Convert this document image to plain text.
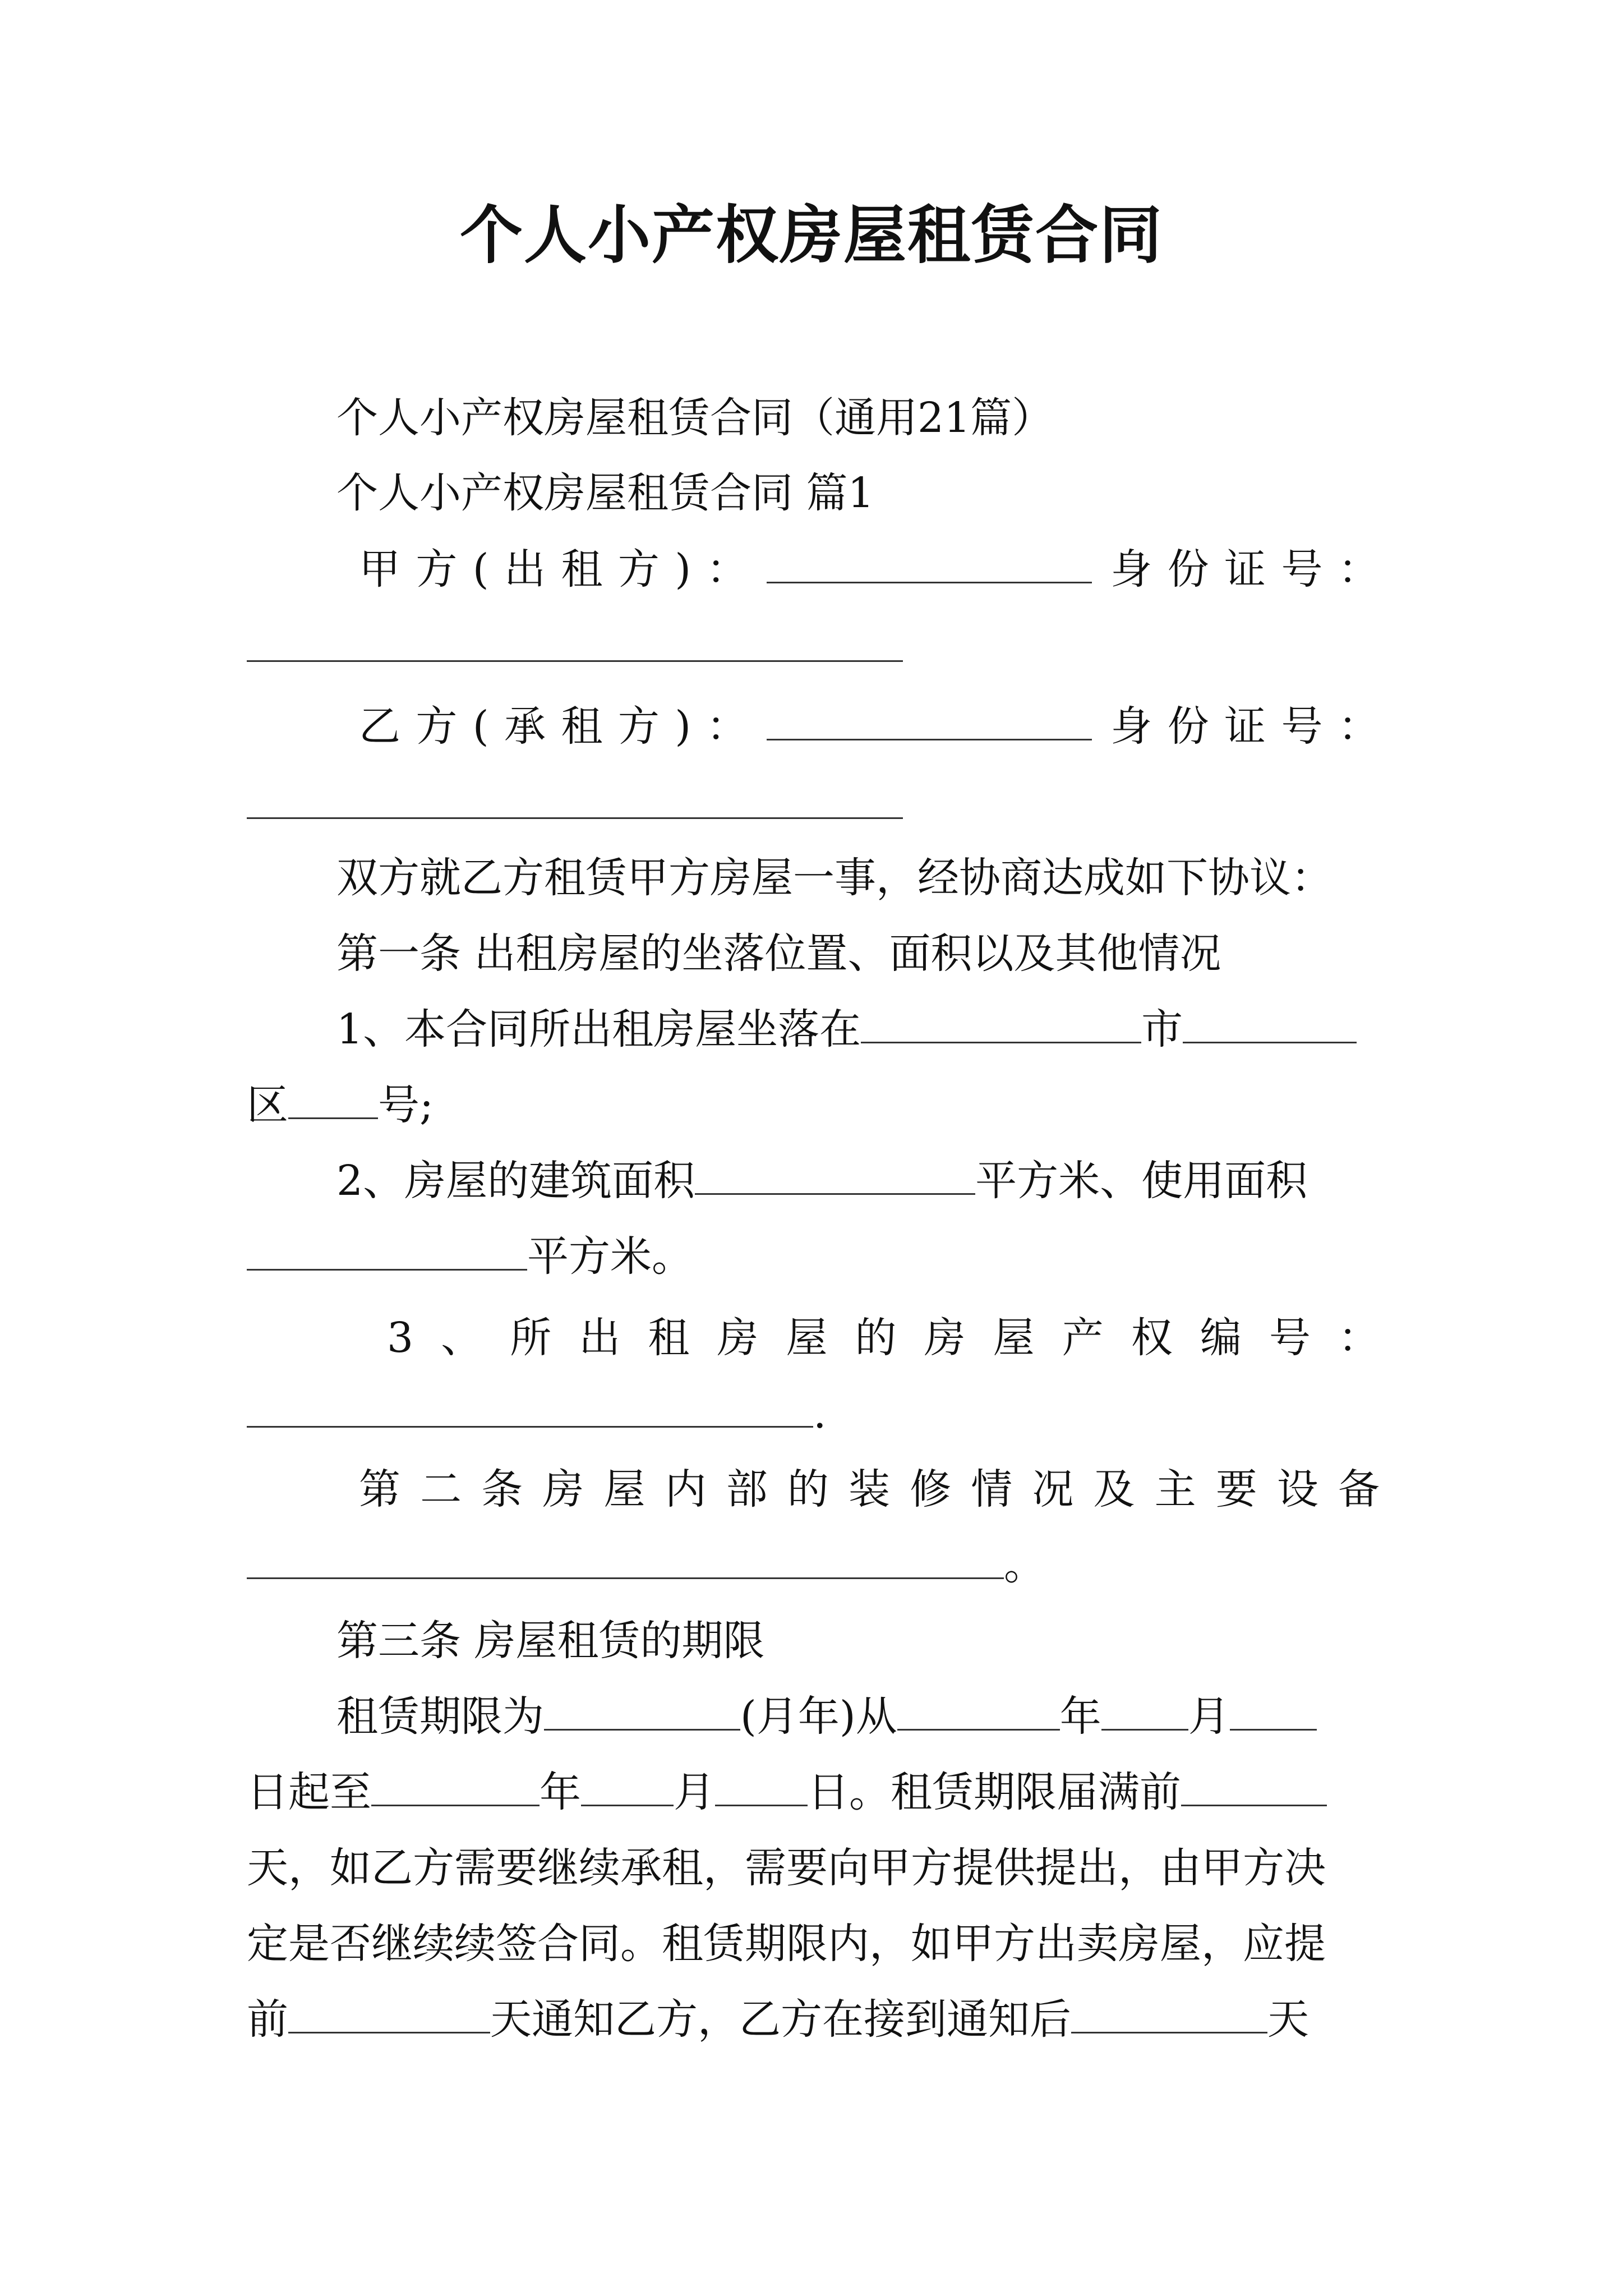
个人小产权房屋租赁合同
个人小产权房屋租赁合同（通用21篇）
个人小产权房屋租赁合同 篇1
甲 方 ( 出 租 方 ) ：	身 份 证 号 ：
乙 方 ( 承 租 方 ) ：	身 份 证 号 ：
双方就乙方租赁甲方房屋一事，经协商达成如下协议：
第一条 出租房屋的坐落位置、面积以及其他情况
1、本合同所出租房屋坐落在	市
区 号;
2、房屋的建筑面积	平方米、使用面积
平方米。
3 、 所 出 租 房 屋 的 房 屋 产 权 编 号 ：
.
第 二 条 房 屋 内 部 的 装 修 情 况 及 主 要 设 备
。
第三条 房屋租赁的期限
租赁期限为	(月年)从	年 月
日起至	年 月 日。租赁期限届满前
天，如乙方需要继续承租，需要向甲方提供提出，由甲方决
定是否继续续签合同。租赁期限内，如甲方出卖房屋，应提
前	天通知乙方，乙方在接到通知后	天
